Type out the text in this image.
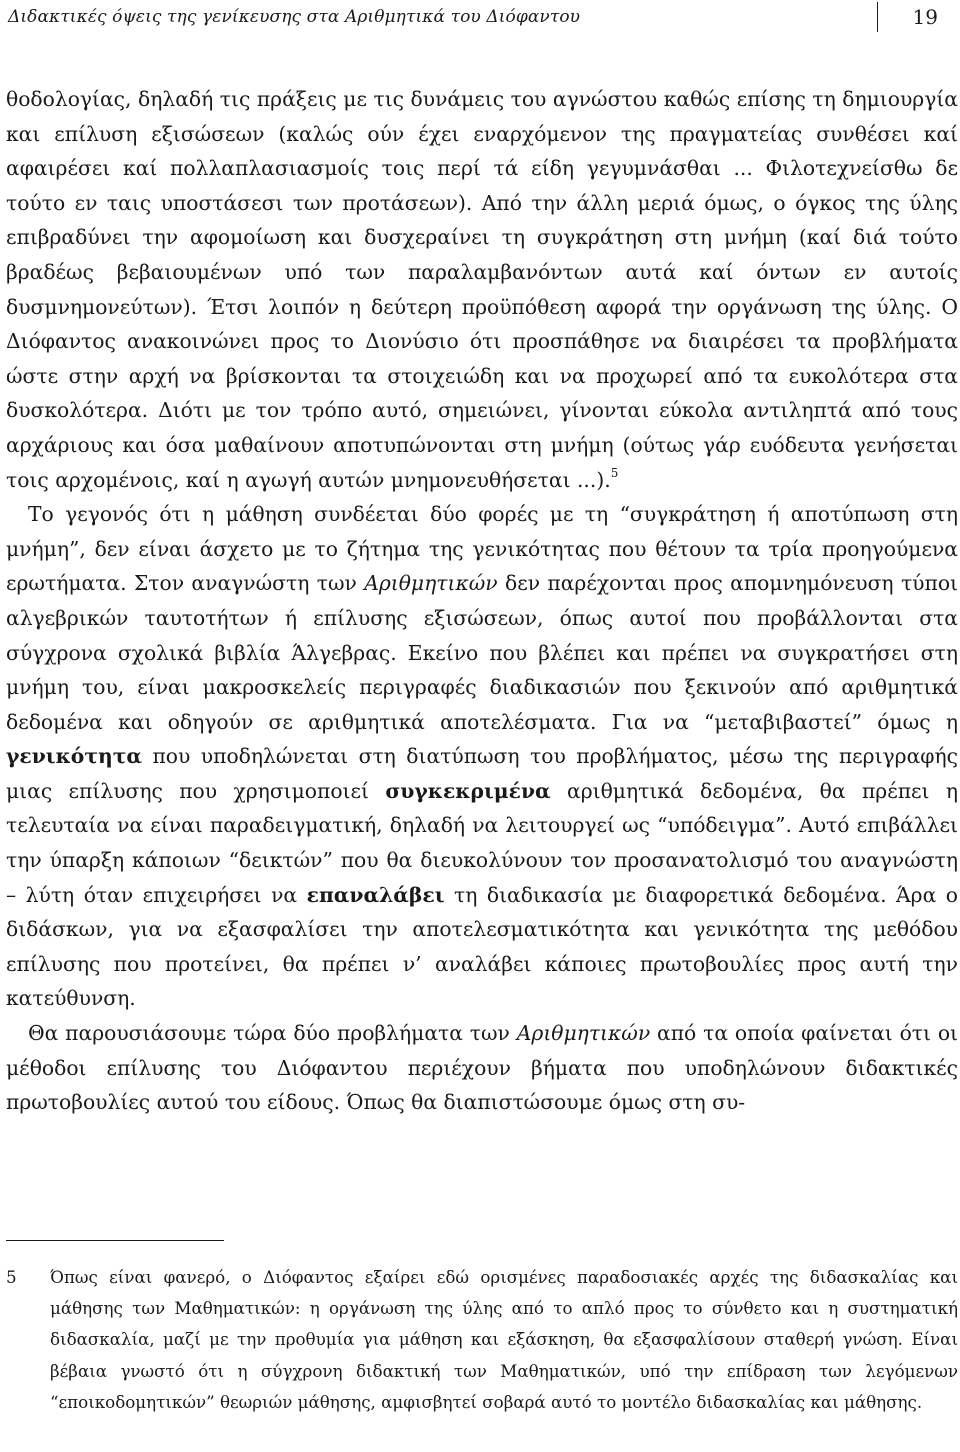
Διδακτικές όψεις της γενίκευσης στα Αριθμητικά του Διόφαντου	19

θοδολογίας, δηλαδή τις πράξεις με τις δυνάμεις του αγνώστου καθώς επίσης τη δημιουργία και επίλυση εξισώσεων (καλώς ούν έχει εναρχόμενον της πραγματείας συνθέσει καί αφαιρέσει καί πολλαπλασιασμοίς τοις περί τά είδη γεγυμνάσθαι ... Φιλοτεχνείσθω δε τούτο εν ταις υποστάσεσι των προτάσεων). Από την άλλη μεριά όμως, ο όγκος της ύλης επιβραδύνει την αφομοίωση και δυσχεραίνει τη συγκράτηση στη μνήμη (καί διά τούτο βραδέως βεβαιουμένων υπό των παραλαμβανόντων αυτά καί όντων εν αυτοίς δυσμνημονεύτων). Έτσι λοιπόν η δεύτερη προϋπόθεση αφορά την οργάνωση της ύλης. Ο Διόφαντος ανακοινώνει προς το Διονύσιο ότι προσπάθησε να διαιρέσει τα προβλήματα ώστε στην αρχή να βρίσκονται τα στοιχειώδη και να προχωρεί από τα ευκολότερα στα δυσκολότερα. Διότι με τον τρόπο αυτό, σημειώνει, γίνονται εύκολα αντιληπτά από τους αρχάριους και όσα μαθαίνουν αποτυπώνονται στη μνήμη (ούτως γάρ ευόδευτα γενήσεται τοις αρχομένοις, καί η αγωγή αυτών μνημονευθήσεται ...).$^5$

Το γεγονός ότι η μάθηση συνδέεται δύο φορές με τη “συγκράτηση ή αποτύπωση στη μνήμη”, δεν είναι άσχετο με το ζήτημα της γενικότητας που θέτουν τα τρία προηγούμενα ερωτήματα. Στον αναγνώστη των Αριθμητικών δεν παρέχονται προς απομνημόνευση τύποι αλγεβρικών ταυτοτήτων ή επίλυσης εξισώσεων, όπως αυτοί που προβάλλονται στα σύγχρονα σχολικά βιβλία Άλγεβρας. Εκείνο που βλέπει και πρέπει να συγκρατήσει στη μνήμη του, είναι μακροσκελείς περιγραφές διαδικασιών που ξεκινούν από αριθμητικά δεδομένα και οδηγούν σε αριθμητικά αποτελέσματα. Για να “μεταβιβαστεί” όμως η γενικότητα που υποδηλώνεται στη διατύπωση του προβλήματος, μέσω της περιγραφής μιας επίλυσης που χρησιμοποιεί συγκεκριμένα αριθμητικά δεδομένα, θα πρέπει η τελευταία να είναι παραδειγματική, δηλαδή να λειτουργεί ως “υπόδειγμα”. Αυτό επιβάλλει την ύπαρξη κάποιων “δεικτών” που θα διευκολύνουν τον προσανατολισμό του αναγνώστη – λύτη όταν επιχειρήσει να επαναλάβει τη διαδικασία με διαφορετικά δεδομένα. Άρα ο διδάσκων, για να εξασφαλίσει την αποτελεσματικότητα και γενικότητα της μεθόδου επίλυσης που προτείνει, θα πρέπει ν’ αναλάβει κάποιες πρωτοβουλίες προς αυτή την κατεύθυνση.

Θα παρουσιάσουμε τώρα δύο προβλήματα των Αριθμητικών από τα οποία φαίνεται ότι οι μέθοδοι επίλυσης του Διόφαντου περιέχουν βήματα που υποδηλώνουν διδακτικές πρωτοβουλίες αυτού του είδους. Όπως θα διαπιστώσουμε όμως στη συ-

5 Όπως είναι φανερό, ο Διόφαντος εξαίρει εδώ ορισμένες παραδοσιακές αρχές της διδασκαλίας και μάθησης των Μαθηματικών: η οργάνωση της ύλης από το απλό προς το σύνθετο και η συστηματική διδασκαλία, μαζί με την προθυμία για μάθηση και εξάσκηση, θα εξασφαλίσουν σταθερή γνώση. Είναι βέβαια γνωστό ότι η σύγχρονη διδακτική των Μαθηματικών, υπό την επίδραση των λεγόμενων “εποικοδομητικών” θεωριών μάθησης, αμφισβητεί σοβαρά αυτό το μοντέλο διδασκαλίας και μάθησης.
